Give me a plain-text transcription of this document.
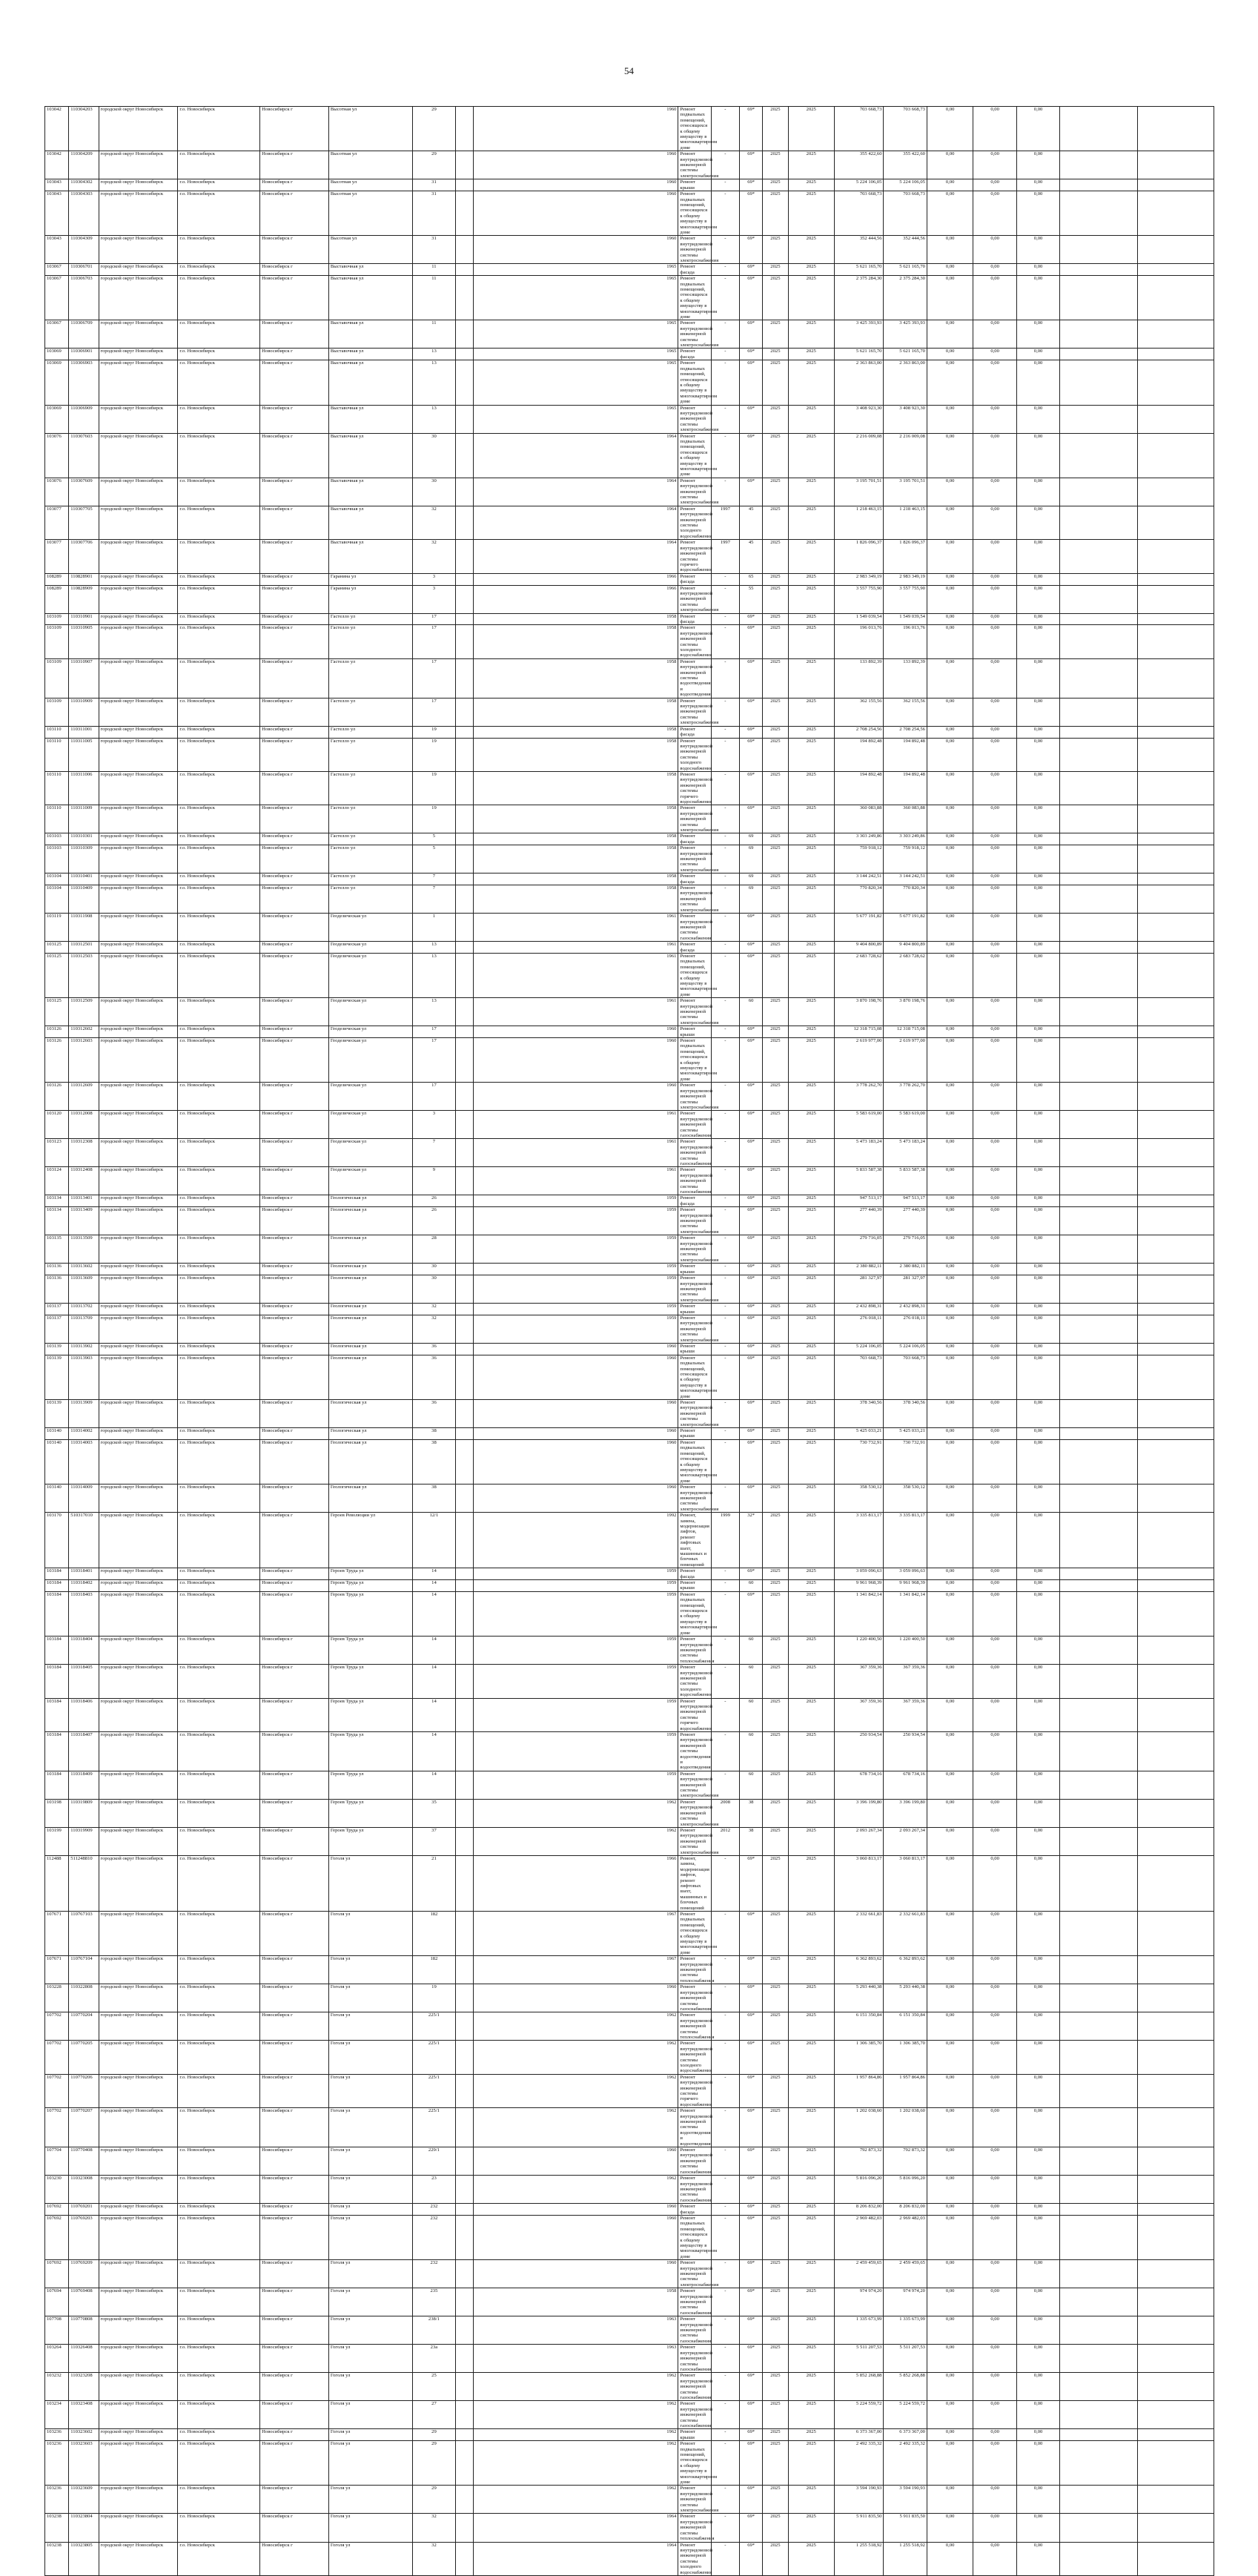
54
103042	110304203	городской округ Новосибирск	г.о. Новосибирск	Новосибирск г	Высотная ул	29		1960	Ремонт подвальных помещений, относящихся к общему имуществу в многоквартирном доме	-	69*	2025	2025	703 668,73	703 668,73	0,00	0,00	0,00		
103042	110304209	городской округ Новосибирск	г.о. Новосибирск	Новосибирск г	Высотная ул	29		1960	Ремонт внутридомовой инженерной системы электроснабжения	-	69*	2025	2025	355 422,60	355 422,60	0,00	0,00	0,00		
103043	110304302	городской округ Новосибирск	г.о. Новосибирск	Новосибирск г	Высотная ул	31		1960	Ремонт крыши	-	69*	2025	2025	5 224 106,05	5 224 106,05	0,00	0,00	0,00		
103043	110304303	городской округ Новосибирск	г.о. Новосибирск	Новосибирск г	Высотная ул	31		1960	Ремонт подвальных помещений, относящихся к общему имуществу в многоквартирном доме	-	69*	2025	2025	703 668,73	703 668,73	0,00	0,00	0,00		
103043	110304309	городской округ Новосибирск	г.о. Новосибирск	Новосибирск г	Высотная ул	31		1960	Ремонт внутридомовой инженерной системы электроснабжения	-	69*	2025	2025	352 444,56	352 444,56	0,00	0,00	0,00		
103067	110306701	городской округ Новосибирск	г.о. Новосибирск	Новосибирск г	Выставочная ул	11		1965	Ремонт фасада	-	69*	2025	2025	5 621 165,70	5 621 165,70	0,00	0,00	0,00		
103067	110306703	городской округ Новосибирск	г.о. Новосибирск	Новосибирск г	Выставочная ул	11		1965	Ремонт подвальных помещений, относящихся к общему имуществу в многоквартирном доме	-	69*	2025	2025	2 375 284,30	2 375 284,30	0,00	0,00	0,00		
103067	110306709	городской округ Новосибирск	г.о. Новосибирск	Новосибирск г	Выставочная ул	11		1965	Ремонт внутридомовой инженерной системы электроснабжения	-	69*	2025	2025	3 425 393,93	3 425 393,93	0,00	0,00	0,00		
103069	110306901	городской округ Новосибирск	г.о. Новосибирск	Новосибирск г	Выставочная ул	13		1965	Ремонт фасада	-	69*	2025	2025	5 621 165,70	5 621 165,70	0,00	0,00	0,00		
103069	110306903	городской округ Новосибирск	г.о. Новосибирск	Новосибирск г	Выставочная ул	13		1965	Ремонт подвальных помещений, относящихся к общему имуществу в многоквартирном доме	-	69*	2025	2025	2 363 863,00	2 363 863,00	0,00	0,00	0,00		
103069	110306909	городской округ Новосибирск	г.о. Новосибирск	Новосибирск г	Выставочная ул	13		1965	Ремонт внутридомовой инженерной системы электроснабжения	-	69*	2025	2025	3 408 923,30	3 408 923,30	0,00	0,00	0,00		
103076	110307603	городской округ Новосибирск	г.о. Новосибирск	Новосибирск г	Выставочная ул	30		1964	Ремонт подвальных помещений, относящихся к общему имуществу в многоквартирном доме	-	69*	2025	2025	2 216 009,08	2 216 009,08	0,00	0,00	0,00		
103076	110307609	городской округ Новосибирск	г.о. Новосибирск	Новосибирск г	Выставочная ул	30		1964	Ремонт внутридомовой инженерной системы электроснабжения	-	69*	2025	2025	3 195 701,51	3 195 701,51	0,00	0,00	0,00		
103077	110307705	городской округ Новосибирск	г.о. Новосибирск	Новосибирск г	Выставочная ул	32		1964	Ремонт внутридомовой инженерной системы холодного водоснабжения	1997	45	2025	2025	1 218 463,15	1 218 463,15	0,00	0,00	0,00		
103077	110307706	городской округ Новосибирск	г.о. Новосибирск	Новосибирск г	Выставочная ул	32		1964	Ремонт внутридомовой инженерной системы горячего водоснабжения	1997	45	2025	2025	1 826 096,37	1 826 096,37	0,00	0,00	0,00		
108289	110828901	городской округ Новосибирск	г.о. Новосибирск	Новосибирск г	Гаранина ул	3		1966	Ремонт фасада	-	65	2025	2025	2 983 349,19	2 983 349,19	0,00	0,00	0,00		
108289	110828909	городской округ Новосибирск	г.о. Новосибирск	Новосибирск г	Гаранина ул	3		1966	Ремонт внутридомовой инженерной системы электроснабжения	-	55	2025	2025	3 557 755,90	3 557 755,90	0,00	0,00	0,00		
103109	110310901	городской округ Новосибирск	г.о. Новосибирск	Новосибирск г	Гастелло ул	17		1958	Ремонт фасада	-	69*	2025	2025	1 549 039,54	1 549 039,54	0,00	0,00	0,00		
103109	110310905	городской округ Новосибирск	г.о. Новосибирск	Новосибирск г	Гастелло ул	17		1958	Ремонт внутридомовой инженерной системы холодного водоснабжения	-	69*	2025	2025	196 013,76	196 013,76	0,00	0,00	0,00		
103109	110310907	городской округ Новосибирск	г.о. Новосибирск	Новосибирск г	Гастелло ул	17		1958	Ремонт внутридомовой инженерной системы водоотведения и водоотведения	-	69*	2025	2025	133 892,39	133 892,39	0,00	0,00	0,00		
103109	110310909	городской округ Новосибирск	г.о. Новосибирск	Новосибирск г	Гастелло ул	17		1958	Ремонт внутридомовой инженерной системы электроснабжения	-	69*	2025	2025	362 155,56	362 155,56	0,00	0,00	0,00		
103110	110311001	городской округ Новосибирск	г.о. Новосибирск	Новосибирск г	Гастелло ул	19		1958	Ремонт фасада	-	69*	2025	2025	2 708 254,56	2 708 254,56	0,00	0,00	0,00		
103110	110311005	городской округ Новосибирск	г.о. Новосибирск	Новосибирск г	Гастелло ул	19		1958	Ремонт внутридомовой инженерной системы холодного водоснабжения	-	69*	2025	2025	194 892,48	194 892,48	0,00	0,00	0,00		
103110	110311006	городской округ Новосибирск	г.о. Новосибирск	Новосибирск г	Гастелло ул	19		1958	Ремонт внутридомовой инженерной системы горячего водоснабжения	-	69*	2025	2025	194 892,48	194 892,48	0,00	0,00	0,00		
103110	110311009	городской округ Новосибирск	г.о. Новосибирск	Новосибирск г	Гастелло ул	19		1958	Ремонт внутридомовой инженерной системы электроснабжения	-	69*	2025	2025	360 083,88	360 083,88	0,00	0,00	0,00		
103103	110310301	городской округ Новосибирск	г.о. Новосибирск	Новосибирск г	Гастелло ул	5		1958	Ремонт фасада	-	69	2025	2025	3 303 249,86	3 303 249,86	0,00	0,00	0,00		
103103	110310309	городской округ Новосибирск	г.о. Новосибирск	Новосибирск г	Гастелло ул	5		1958	Ремонт внутридомовой инженерной системы электроснабжения	-	69	2025	2025	759 918,12	759 918,12	0,00	0,00	0,00		
103104	110310401	городской округ Новосибирск	г.о. Новосибирск	Новосибирск г	Гастелло ул	7		1958	Ремонт фасада	-	69	2025	2025	3 144 242,51	3 144 242,51	0,00	0,00	0,00		
103104	110310409	городской округ Новосибирск	г.о. Новосибирск	Новосибирск г	Гастелло ул	7		1958	Ремонт внутридомовой инженерной системы электроснабжения	-	69	2025	2025	770 820,34	770 820,34	0,00	0,00	0,00		
103119	110311908	городской округ Новосибирск	г.о. Новосибирск	Новосибирск г	Геодезическая ул	1		1961	Ремонт внутридомовой инженерной системы газоснабжения	-	69*	2025	2025	5 677 191,82	5 677 191,82	0,00	0,00	0,00		
103125	110312501	городской округ Новосибирск	г.о. Новосибирск	Новосибирск г	Геодезическая ул	13		1961	Ремонт фасада	-	69*	2025	2025	9 404 800,89	9 404 800,89	0,00	0,00	0,00		
103125	110312503	городской округ Новосибирск	г.о. Новосибирск	Новосибирск г	Геодезическая ул	13		1961	Ремонт подвальных помещений, относящихся к общему имуществу в многоквартирном доме	-	69*	2025	2025	2 683 728,62	2 683 728,62	0,00	0,00	0,00		
103125	110312509	городской округ Новосибирск	г.о. Новосибирск	Новосибирск г	Геодезическая ул	13		1961	Ремонт внутридомовой инженерной системы электроснабжения	-	60	2025	2025	3 870 198,76	3 870 198,76	0,00	0,00	0,00		
103126	110312602	городской округ Новосибирск	г.о. Новосибирск	Новосибирск г	Геодезическая ул	17		1960	Ремонт крыши	-	69*	2025	2025	12 318 715,08	12 318 715,08	0,00	0,00	0,00		
103126	110312603	городской округ Новосибирск	г.о. Новосибирск	Новосибирск г	Геодезическая ул	17		1960	Ремонт подвальных помещений, относящихся к общему имуществу в многоквартирном доме	-	69*	2025	2025	2 619 977,00	2 619 977,00	0,00	0,00	0,00		
103126	110312609	городской округ Новосибирск	г.о. Новосибирск	Новосибирск г	Геодезическая ул	17		1960	Ремонт внутридомовой инженерной системы электроснабжения	-	69*	2025	2025	3 778 262,70	3 778 262,70	0,00	0,00	0,00		
103120	110312008	городской округ Новосибирск	г.о. Новосибирск	Новосибирск г	Геодезическая ул	3		1961	Ремонт внутридомовой инженерной системы газоснабжения	-	69*	2025	2025	5 583 619,00	5 583 619,00	0,00	0,00	0,00		
103123	110312308	городской округ Новосибирск	г.о. Новосибирск	Новосибирск г	Геодезическая ул	7		1961	Ремонт внутридомовой инженерной системы газоснабжения	-	69*	2025	2025	5 473 183,24	5 473 183,24	0,00	0,00	0,00		
103124	110312408	городской округ Новосибирск	г.о. Новосибирск	Новосибирск г	Геодезическая ул	9		1961	Ремонт внутридомовой инженерной системы газоснабжения	-	69*	2025	2025	5 833 587,38	5 833 587,38	0,00	0,00	0,00		
103134	110313401	городской округ Новосибирск	г.о. Новосибирск	Новосибирск г	Геологическая ул	26		1959	Ремонт фасада	-	69*	2025	2025	947 513,17	947 513,17	0,00	0,00	0,00		
103134	110313409	городской округ Новосибирск	г.о. Новосибирск	Новосибирск г	Геологическая ул	26		1959	Ремонт внутридомовой инженерной системы электроснабжения	-	69*	2025	2025	277 440,39	277 440,39	0,00	0,00	0,00		
103135	110313509	городской округ Новосибирск	г.о. Новосибирск	Новосибирск г	Геологическая ул	28		1959	Ремонт внутридомовой инженерной системы электроснабжения	-	69*	2025	2025	279 716,05	279 716,05	0,00	0,00	0,00		
103136	110313602	городской округ Новосибирск	г.о. Новосибирск	Новосибирск г	Геологическая ул	30		1959	Ремонт крыши	-	69*	2025	2025	2 380 882,11	2 380 882,11	0,00	0,00	0,00		
103136	110313609	городской округ Новосибирск	г.о. Новосибирск	Новосибирск г	Геологическая ул	30		1959	Ремонт внутридомовой инженерной системы электроснабжения	-	69*	2025	2025	281 327,97	281 327,97	0,00	0,00	0,00		
103137	110313702	городской округ Новосибирск	г.о. Новосибирск	Новосибирск г	Геологическая ул	32		1959	Ремонт крыши	-	69*	2025	2025	2 432 898,31	2 432 898,31	0,00	0,00	0,00		
103137	110313709	городской округ Новосибирск	г.о. Новосибирск	Новосибирск г	Геологическая ул	32		1959	Ремонт внутридомовой инженерной системы электроснабжения	-	69*	2025	2025	276 018,11	276 018,11	0,00	0,00	0,00		
103139	110313902	городской округ Новосибирск	г.о. Новосибирск	Новосибирск г	Геологическая ул	36		1960	Ремонт крыши	-	69*	2025	2025	5 224 106,05	5 224 106,05	0,00	0,00	0,00		
103139	110313903	городской округ Новосибирск	г.о. Новосибирск	Новосибирск г	Геологическая ул	36		1960	Ремонт подвальных помещений, относящихся к общему имуществу в многоквартирном доме	-	69*	2025	2025	703 668,73	703 668,73	0,00	0,00	0,00		
103139	110313909	городской округ Новосибирск	г.о. Новосибирск	Новосибирск г	Геологическая ул	36		1960	Ремонт внутридомовой инженерной системы электроснабжения	-	69*	2025	2025	378 340,56	378 340,56	0,00	0,00	0,00		
103140	110314002	городской округ Новосибирск	г.о. Новосибирск	Новосибирск г	Геологическая ул	38		1960	Ремонт крыши	-	69*	2025	2025	5 425 033,21	5 425 033,21	0,00	0,00	0,00		
103140	110314003	городской округ Новосибирск	г.о. Новосибирск	Новосибирск г	Геологическая ул	38		1960	Ремонт подвальных помещений, относящихся к общему имуществу в многоквартирном доме	-	69*	2025	2025	730 732,91	730 732,91	0,00	0,00	0,00		
103140	110314009	городской округ Новосибирск	г.о. Новосибирск	Новосибирск г	Геологическая ул	38		1960	Ремонт внутридомовой инженерной системы электроснабжения	-	69*	2025	2025	358 530,12	358 530,12	0,00	0,00	0,00		
103170	510317010	городской округ Новосибирск	г.о. Новосибирск	Новосибирск г	Героев Революции ул	12/1		1992	Ремонт, замена, модернизация лифтов, ремонт лифтовых шахт, машинных и блочных помещений	1999	32*	2025	2025	3 335 813,17	3 335 813,17	0,00	0,00	0,00		
103184	110318401	городской округ Новосибирск	г.о. Новосибирск	Новосибирск г	Героев Труда ул	14		1959	Ремонт фасада	-	69*	2025	2025	3 059 096,63	3 059 096,63	0,00	0,00	0,00		
103184	110318402	городской округ Новосибирск	г.о. Новосибирск	Новосибирск г	Героев Труда ул	14		1959	Ремонт крыши	-	60	2025	2025	9 961 968,39	9 961 968,39	0,00	0,00	0,00		
103184	110318403	городской округ Новосибирск	г.о. Новосибирск	Новосибирск г	Героев Труда ул	14		1959	Ремонт подвальных помещений, относящихся к общему имуществу в многоквартирном доме	-	69*	2025	2025	1 341 842,14	1 341 842,14	0,00	0,00	0,00		
103184	110318404	городской округ Новосибирск	г.о. Новосибирск	Новосибирск г	Героев Труда ул	14		1959	Ремонт внутридомовой инженерной системы теплоснабжения	-	60	2025	2025	1 220 400,50	1 220 400,50	0,00	0,00	0,00		
103184	110318405	городской округ Новосибирск	г.о. Новосибирск	Новосибирск г	Героев Труда ул	14		1959	Ремонт внутридомовой инженерной системы холодного водоснабжения	-	60	2025	2025	367 359,36	367 359,36	0,00	0,00	0,00		
103184	110318406	городской округ Новосибирск	г.о. Новосибирск	Новосибирск г	Героев Труда ул	14		1959	Ремонт внутридомовой инженерной системы горячего водоснабжения	-	60	2025	2025	367 359,36	367 359,36	0,00	0,00	0,00		
103184	110318407	городской округ Новосибирск	г.о. Новосибирск	Новосибирск г	Героев Труда ул	14		1959	Ремонт внутридомовой инженерной системы водоотведения и водоотведения	-	60	2025	2025	250 934,54	250 934,54	0,00	0,00	0,00		
103184	110318409	городской округ Новосибирск	г.о. Новосибирск	Новосибирск г	Героев Труда ул	14		1959	Ремонт внутридомовой инженерной системы электроснабжения	-	60	2025	2025	678 734,16	678 734,16	0,00	0,00	0,00		
103198	110319809	городской округ Новосибирск	г.о. Новосибирск	Новосибирск г	Героев Труда ул	35		1962	Ремонт внутридомовой инженерной системы электроснабжения	2008	38	2025	2025	3 396 199,80	3 396 199,80	0,00	0,00	0,00		
103199	110319909	городской округ Новосибирск	г.о. Новосибирск	Новосибирск г	Героев Труда ул	37		1962	Ремонт внутридомовой инженерной системы электроснабжения	2012	38	2025	2025	2 093 267,34	2 093 267,34	0,00	0,00	0,00		
112488	511248810	городской округ Новосибирск	г.о. Новосибирск	Новосибирск г	Гоголя ул	21		1966	Ремонт, замена, модернизация лифтов, ремонт лифтовых шахт, машинных и блочных помещений	-	69*	2025	2025	3 060 813,17	3 060 813,17	0,00	0,00	0,00		
107671	110767103	городской округ Новосибирск	г.о. Новосибирск	Новосибирск г	Гоголя ул	182		1967	Ремонт подвальных помещений, относящихся к общему имуществу в многоквартирном доме	-	69*	2025	2025	2 332 661,83	2 332 661,83	0,00	0,00	0,00		
107671	110767104	городской округ Новосибирск	г.о. Новосибирск	Новосибирск г	Гоголя ул	182		1967	Ремонт внутридомовой инженерной системы теплоснабжения	-	69*	2025	2025	6 362 893,62	6 362 893,62	0,00	0,00	0,00		
103228	110322808	городской округ Новосибирск	г.о. Новосибирск	Новосибирск г	Гоголя ул	19		1960	Ремонт внутридомовой инженерной системы газоснабжения	-	69*	2025	2025	5 293 440,38	5 293 440,38	0,00	0,00	0,00		
107702	110770204	городской округ Новосибирск	г.о. Новосибирск	Новосибирск г	Гоголя ул	225/1		1962	Ремонт внутридомовой инженерной системы теплоснабжения	-	69*	2025	2025	6 151 350,84	6 151 350,84	0,00	0,00	0,00		
107702	110770205	городской округ Новосибирск	г.о. Новосибирск	Новосибирск г	Гоголя ул	225/1		1962	Ремонт внутридомовой инженерной системы холодного водоснабжения	-	69*	2025	2025	1 306 385,70	1 306 385,70	0,00	0,00	0,00		
107702	110770206	городской округ Новосибирск	г.о. Новосибирск	Новосибирск г	Гоголя ул	225/1		1962	Ремонт внутридомовой инженерной системы горячего водоснабжения	-	69*	2025	2025	1 957 864,86	1 957 864,86	0,00	0,00	0,00		
107702	110770207	городской округ Новосибирск	г.о. Новосибирск	Новосибирск г	Гоголя ул	225/1		1962	Ремонт внутридомовой инженерной системы водоотведения и водоотведения	-	69*	2025	2025	1 202 038,60	1 202 038,60	0,00	0,00	0,00		
107704	110770408	городской округ Новосибирск	г.о. Новосибирск	Новосибирск г	Гоголя ул	229/1		1960	Ремонт внутридомовой инженерной системы газоснабжения	-	69*	2025	2025	792 873,32	792 873,32	0,00	0,00	0,00		
103230	110323008	городской округ Новосибирск	г.о. Новосибирск	Новосибирск г	Гоголя ул	23		1962	Ремонт внутридомовой инженерной системы газоснабжения	-	69*	2025	2025	5 816 096,20	5 816 096,20	0,00	0,00	0,00		
107692	110769201	городской округ Новосибирск	г.о. Новосибирск	Новосибирск г	Гоголя ул	232		1960	Ремонт фасада	-	69*	2025	2025	8 206 832,00	8 206 832,00	0,00	0,00	0,00		
107692	110769203	городской округ Новосибирск	г.о. Новосибирск	Новосибирск г	Гоголя ул	232		1960	Ремонт подвальных помещений, относящихся к общему имуществу в многоквартирном доме	-	69*	2025	2025	2 969 482,03	2 969 482,03	0,00	0,00	0,00		
107692	110769209	городской округ Новосибирск	г.о. Новосибирск	Новосибирск г	Гоголя ул	232		1960	Ремонт внутридомовой инженерной системы электроснабжения	-	69*	2025	2025	2 459 459,65	2 459 459,65	0,00	0,00	0,00		
107694	110769408	городской округ Новосибирск	г.о. Новосибирск	Новосибирск г	Гоголя ул	235		1958	Ремонт внутридомовой инженерной системы газоснабжения	-	69*	2025	2025	974 974,20	974 974,20	0,00	0,00	0,00		
107708	110770808	городской округ Новосибирск	г.о. Новосибирск	Новосибирск г	Гоголя ул	238/1		1963	Ремонт внутридомовой инженерной системы газоснабжения	-	69*	2025	2025	1 335 673,99	1 335 673,99	0,00	0,00	0,00		
103264	110326408	городской округ Новосибирск	г.о. Новосибирск	Новосибирск г	Гоголя ул	23а		1963	Ремонт внутридомовой инженерной системы газоснабжения	-	69*	2025	2025	5 511 207,53	5 511 207,53	0,00	0,00	0,00		
103232	110323208	городской округ Новосибирск	г.о. Новосибирск	Новосибирск г	Гоголя ул	25		1962	Ремонт внутридомовой инженерной системы газоснабжения	-	69*	2025	2025	5 852 268,88	5 852 268,88	0,00	0,00	0,00		
103234	110323408	городской округ Новосибирск	г.о. Новосибирск	Новосибирск г	Гоголя ул	27		1962	Ремонт внутридомовой инженерной системы газоснабжения	-	69*	2025	2025	5 224 559,72	5 224 559,72	0,00	0,00	0,00		
103236	110323602	городской округ Новосибирск	г.о. Новосибирск	Новосибирск г	Гоголя ул	29		1962	Ремонт крыши	-	69*	2025	2025	6 373 367,00	6 373 367,00	0,00	0,00	0,00		
103236	110323603	городской округ Новосибирск	г.о. Новосибирск	Новосибирск г	Гоголя ул	29		1962	Ремонт подвальных помещений, относящихся к общему имуществу в многоквартирном доме	-	69*	2025	2025	2 492 335,32	2 492 335,32	0,00	0,00	0,00		
103236	110323609	городской округ Новосибирск	г.о. Новосибирск	Новосибирск г	Гоголя ул	29		1962	Ремонт внутридомовой инженерной системы электроснабжения	-	69*	2025	2025	3 594 190,93	3 594 190,93	0,00	0,00	0,00		
103238	110323804	городской округ Новосибирск	г.о. Новосибирск	Новосибирск г	Гоголя ул	32		1964	Ремонт внутридомовой инженерной системы теплоснабжения	-	69*	2025	2025	5 911 835,50	5 911 835,50	0,00	0,00	0,00		
103238	110323805	городской округ Новосибирск	г.о. Новосибирск	Новосибирск г	Гоголя ул	32		1964	Ремонт внутридомовой инженерной системы холодного водоснабжения	-	69*	2025	2025	1 255 518,92	1 255 518,92	0,00	0,00	0,00		
